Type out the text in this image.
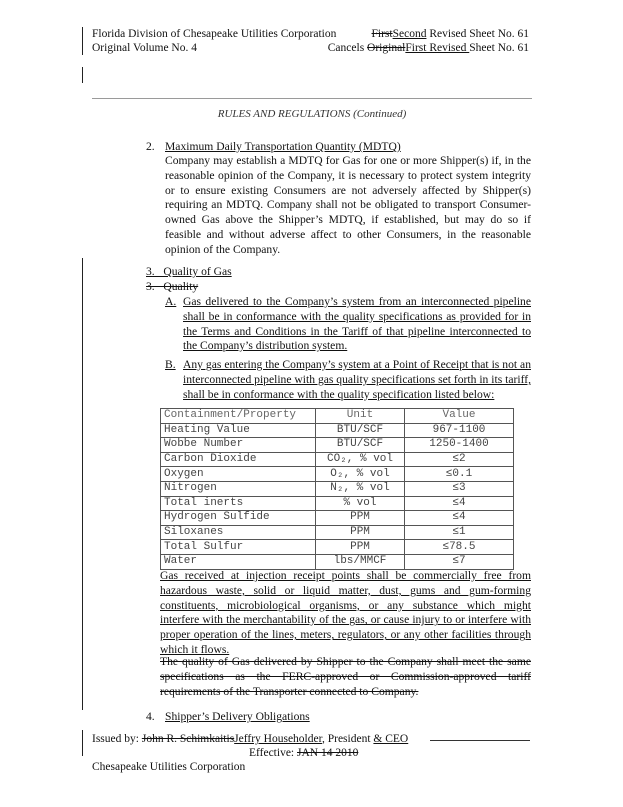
Florida Division of Chesapeake Utilities Corporation	FirstSecond Revised Sheet No. 61
Original Volume No. 4	Cancels OriginalFirst Revised Sheet No. 61
RULES AND REGULATIONS (Continued)
2. Maximum Daily Transportation Quantity (MDTQ)
Company may establish a MDTQ for Gas for one or more Shipper(s) if, in the reasonable opinion of the Company, it is necessary to protect system integrity or to ensure existing Consumers are not adversely affected by Shipper(s) requiring an MDTQ. Company shall not be obligated to transport Consumer-owned Gas above the Shipper’s MDTQ, if established, but may do so if feasible and without adverse affect to other Consumers, in the reasonable opinion of the Company.
3.   Quality of Gas
3.   Quality
A. Gas delivered to the Company’s system from an interconnected pipeline shall be in conformance with the quality specifications as provided for in the Terms and Conditions in the Tariff of that pipeline interconnected to the Company’s distribution system.
B. Any gas entering the Company’s system at a Point of Receipt that is not an interconnected pipeline with gas quality specifications set forth in its tariff, shall be in conformance with the quality specification listed below:
Containment/Property	Unit	Value
Heating Value	BTU/SCF	967-1100
Wobbe Number	BTU/SCF	1250-1400
Carbon Dioxide	CO₂, % vol	≤2
Oxygen	O₂, % vol	≤0.1
Nitrogen	N₂, % vol	≤3
Total inerts	% vol	≤4
Hydrogen Sulfide	PPM	≤4
Siloxanes	PPM	≤1
Total Sulfur	PPM	≤78.5
Water	lbs/MMCF	≤7
Gas received at injection receipt points shall be commercially free from hazardous waste, solid or liquid matter, dust, gums and gum-forming constituents, microbiological organisms, or any substance which might interfere with the merchantability of the gas, or cause injury to or interfere with proper operation of the lines, meters, regulators, or any other facilities through which it flows.
The quality of Gas delivered by Shipper to the Company shall meet the same specifications as the FERC-approved or Commission-approved tariff requirements of the Transporter connected to Company.
4. Shipper’s Delivery Obligations
Issued by: John R. SchimkaitisJeffry Householder, President & CEO
Effective: JAN 14 2010
Chesapeake Utilities Corporation
